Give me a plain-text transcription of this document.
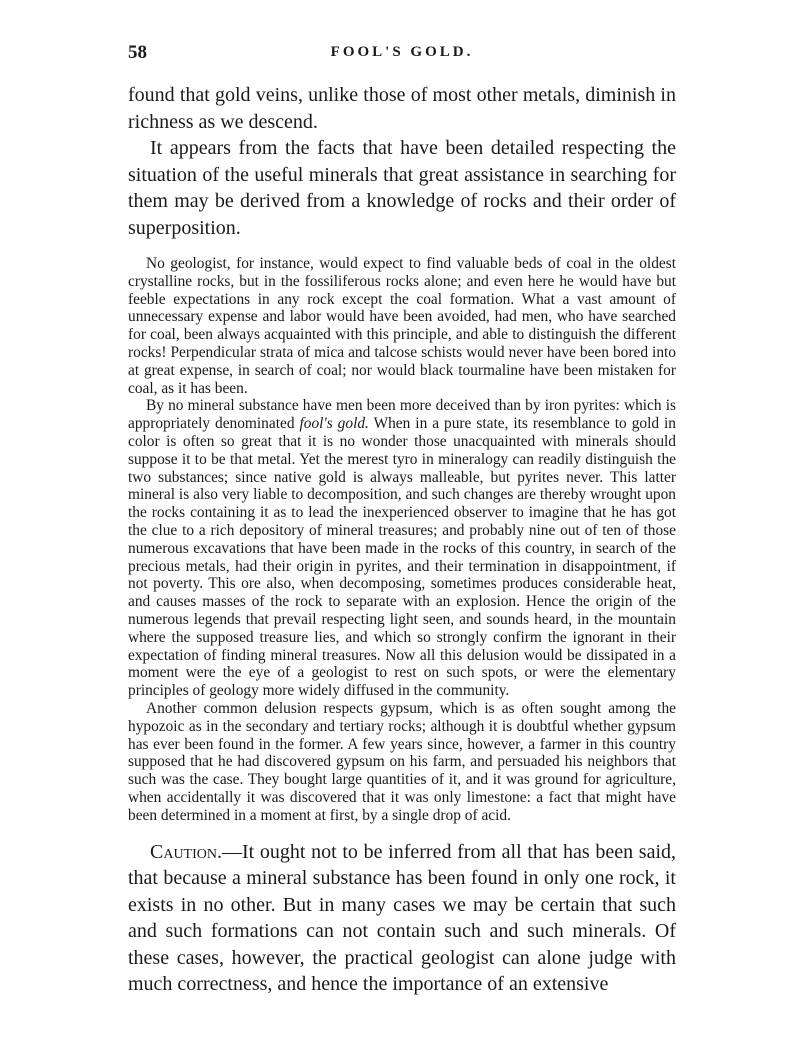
58	FOOL'S GOLD.

found that gold veins, unlike those of most other metals, diminish in richness as we descend.

It appears from the facts that have been detailed respecting the situation of the useful minerals that great assistance in searching for them may be derived from a knowledge of rocks and their order of superposition.

No geologist, for instance, would expect to find valuable beds of coal in the oldest crystalline rocks, but in the fossiliferous rocks alone; and even here he would have but feeble expectations in any rock except the coal formation. What a vast amount of unnecessary expense and labor would have been avoided, had men, who have searched for coal, been always acquainted with this principle, and able to distinguish the different rocks! Perpendicular strata of mica and talcose schists would never have been bored into at great expense, in search of coal; nor would black tourmaline have been mistaken for coal, as it has been.

By no mineral substance have men been more deceived than by iron pyrites: which is appropriately denominated fool's gold. When in a pure state, its resemblance to gold in color is often so great that it is no wonder those unacquainted with minerals should suppose it to be that metal. Yet the merest tyro in mineralogy can readily distinguish the two substances; since native gold is always malleable, but pyrites never. This latter mineral is also very liable to decomposition, and such changes are thereby wrought upon the rocks containing it as to lead the inexperienced observer to imagine that he has got the clue to a rich depository of mineral treasures; and probably nine out of ten of those numerous excavations that have been made in the rocks of this country, in search of the precious metals, had their origin in pyrites, and their termination in disappointment, if not poverty. This ore also, when decomposing, sometimes produces considerable heat, and causes masses of the rock to separate with an explosion. Hence the origin of the numerous legends that prevail respecting light seen, and sounds heard, in the mountain where the supposed treasure lies, and which so strongly confirm the ignorant in their expectation of finding mineral treasures. Now all this delusion would be dissipated in a moment were the eye of a geologist to rest on such spots, or were the elementary principles of geology more widely diffused in the community.

Another common delusion respects gypsum, which is as often sought among the hypozoic as in the secondary and tertiary rocks; although it is doubtful whether gypsum has ever been found in the former. A few years since, however, a farmer in this country supposed that he had discovered gypsum on his farm, and persuaded his neighbors that such was the case. They bought large quantities of it, and it was ground for agriculture, when accidentally it was discovered that it was only limestone: a fact that might have been determined in a moment at first, by a single drop of acid.

Caution.—It ought not to be inferred from all that has been said, that because a mineral substance has been found in only one rock, it exists in no other. But in many cases we may be certain that such and such formations can not contain such and such minerals. Of these cases, however, the practical geologist can alone judge with much correctness, and hence the importance of an extensive
